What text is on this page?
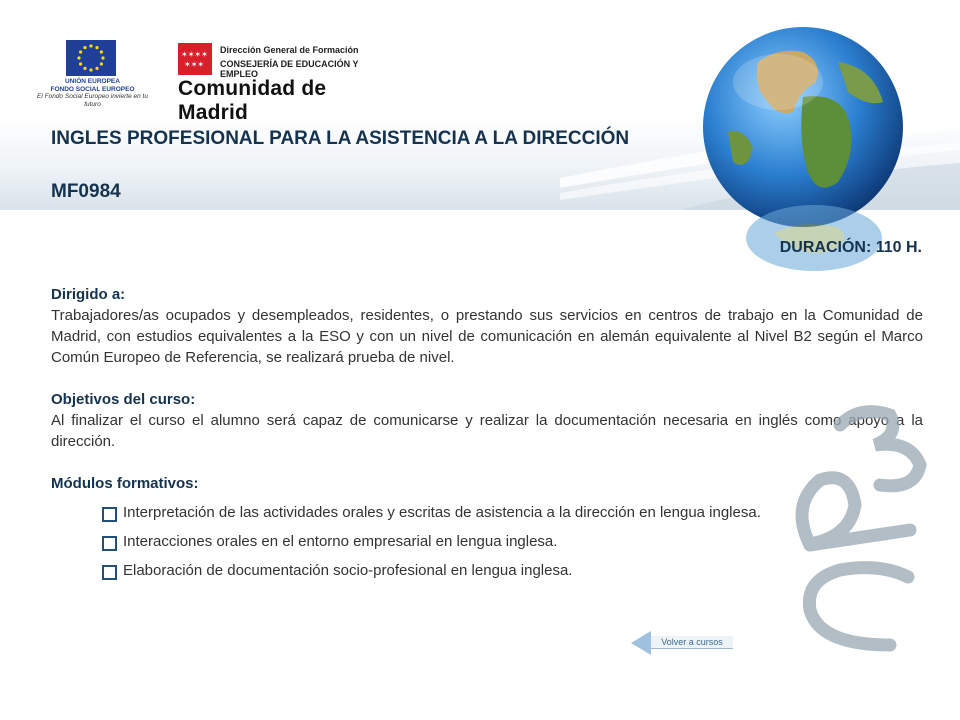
UNIÓN EUROPEA
FONDO SOCIAL EUROPEO
El Fondo Social Europeo invierte en tu futuro
✶✶✶✶
✶✶✶
Dirección General de Formación
CONSEJERÍA DE EDUCACIÓN Y EMPLEO
Comunidad de Madrid
INGLES PROFESIONAL PARA LA ASISTENCIA A LA DIRECCIÓN
MF0984
DURACIÓN: 110 H.
Dirigido a:

Trabajadores/as ocupados y desempleados, residentes, o prestando sus servicios en centros de trabajo en la Comunidad de Madrid, con estudios equivalentes a la ESO y con un nivel de comunicación en alemán equivalente al Nivel B2 según el Marco Común Europeo de Referencia, se realizará prueba de nivel.

Objetivos del curso:

Al finalizar el curso el alumno será capaz de comunicarse y realizar la documentación necesaria en inglés como apoyo a la dirección.

Módulos formativos:
Interpretación de las actividades orales y escritas de asistencia a la dirección en lengua inglesa.
Interacciones orales en el entorno empresarial en lengua inglesa.
Elaboración de documentación socio-profesional en lengua inglesa.
Volver a cursos
